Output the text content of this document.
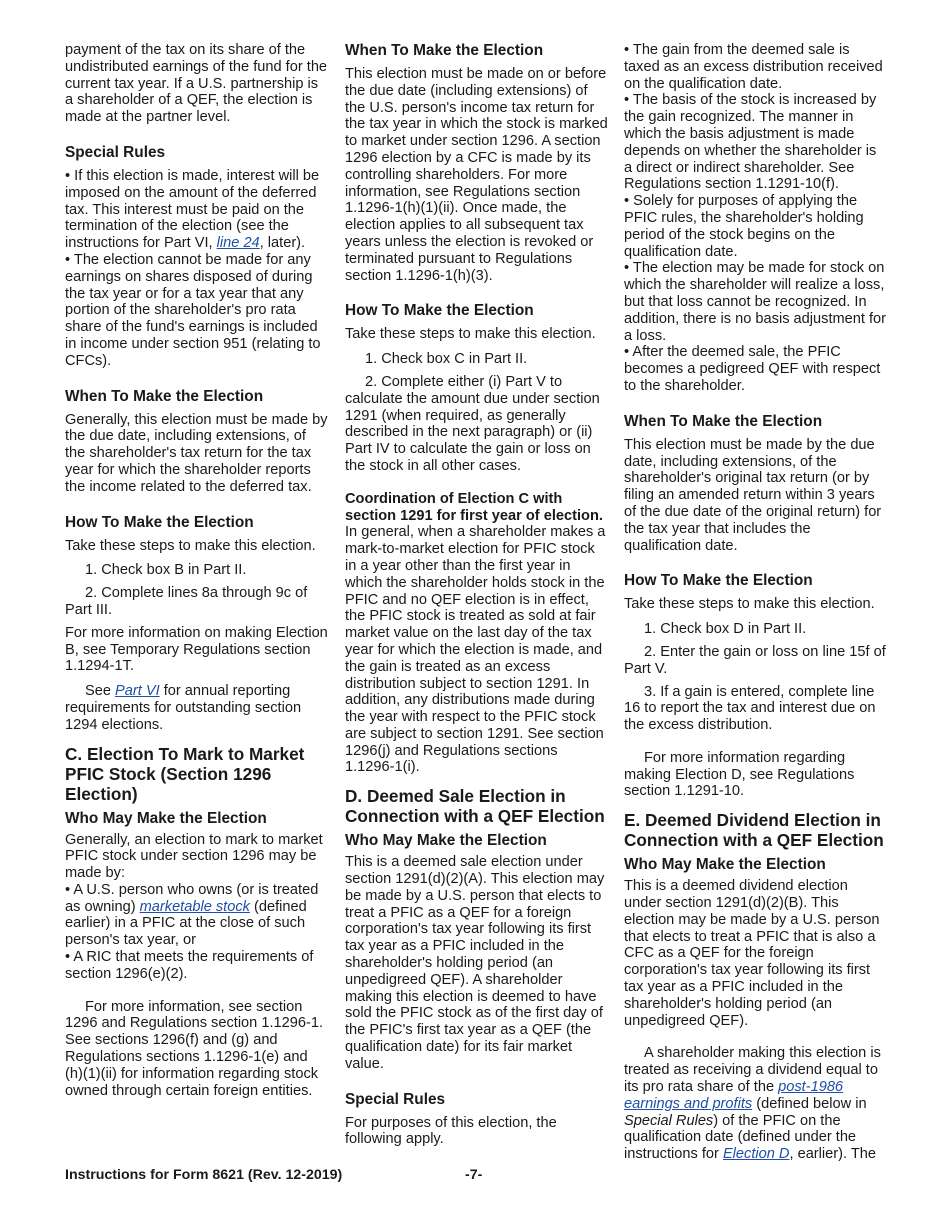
payment of the tax on its share of the undistributed earnings of the fund for the current tax year. If a U.S. partnership is a shareholder of a QEF, the election is made at the partner level.

Special Rules

• If this election is made, interest will be imposed on the amount of the deferred tax. This interest must be paid on the termination of the election (see the instructions for Part VI, line 24, later).

• The election cannot be made for any earnings on shares disposed of during the tax year or for a tax year that any portion of the shareholder's pro rata share of the fund's earnings is included in income under section 951 (relating to CFCs).

When To Make the Election

Generally, this election must be made by the due date, including extensions, of the shareholder's tax return for the tax year for which the shareholder reports the income related to the deferred tax.

How To Make the Election

Take these steps to make this election.

1. Check box B in Part II.

2. Complete lines 8a through 9c of Part III.

For more information on making Election B, see Temporary Regulations section 1.1294-1T.

See Part VI for annual reporting requirements for outstanding section 1294 elections.

C. Election To Mark to Market PFIC Stock (Section 1296 Election)
Who May Make the Election

Generally, an election to mark to market PFIC stock under section 1296 may be made by:

• A U.S. person who owns (or is treated as owning) marketable stock (defined earlier) in a PFIC at the close of such person's tax year, or

• A RIC that meets the requirements of section 1296(e)(2).

For more information, see section 1296 and Regulations section 1.1296-1. See sections 1296(f) and (g) and Regulations sections 1.1296-1(e) and (h)(1)(ii) for information regarding stock owned through certain foreign entities.

When To Make the Election

This election must be made on or before the due date (including extensions) of the U.S. person's income tax return for the tax year in which the stock is marked to market under section 1296. A section 1296 election by a CFC is made by its controlling shareholders. For more information, see Regulations section 1.1296-1(h)(1)(ii). Once made, the election applies to all subsequent tax years unless the election is revoked or terminated pursuant to Regulations section 1.1296-1(h)(3).

How To Make the Election

Take these steps to make this election.

1. Check box C in Part II.

2. Complete either (i) Part V to calculate the amount due under section 1291 (when required, as generally described in the next paragraph) or (ii) Part IV to calculate the gain or loss on the stock in all other cases.

Coordination of Election C with section 1291 for first year of election. In general, when a shareholder makes a mark-to-market election for PFIC stock in a year other than the first year in which the shareholder holds stock in the PFIC and no QEF election is in effect, the PFIC stock is treated as sold at fair market value on the last day of the tax year for which the election is made, and the gain is treated as an excess distribution subject to section 1291. In addition, any distributions made during the year with respect to the PFIC stock are subject to section 1291. See section 1296(j) and Regulations sections 1.1296-1(i).

D. Deemed Sale Election in Connection with a QEF Election
Who May Make the Election

This is a deemed sale election under section 1291(d)(2)(A). This election may be made by a U.S. person that elects to treat a PFIC as a QEF for a foreign corporation's tax year following its first tax year as a PFIC included in the shareholder's holding period (an unpedigreed QEF). A shareholder making this election is deemed to have sold the PFIC stock as of the first day of the PFIC's first tax year as a QEF (the qualification date) for its fair market value.

Special Rules

For purposes of this election, the following apply.

• The gain from the deemed sale is taxed as an excess distribution received on the qualification date.

• The basis of the stock is increased by the gain recognized. The manner in which the basis adjustment is made depends on whether the shareholder is a direct or indirect shareholder. See Regulations section 1.1291-10(f).

• Solely for purposes of applying the PFIC rules, the shareholder's holding period of the stock begins on the qualification date.

• The election may be made for stock on which the shareholder will realize a loss, but that loss cannot be recognized. In addition, there is no basis adjustment for a loss.

• After the deemed sale, the PFIC becomes a pedigreed QEF with respect to the shareholder.

When To Make the Election

This election must be made by the due date, including extensions, of the shareholder's original tax return (or by filing an amended return within 3 years of the due date of the original return) for the tax year that includes the qualification date.

How To Make the Election

Take these steps to make this election.

1. Check box D in Part II.

2. Enter the gain or loss on line 15f of Part V.

3. If a gain is entered, complete line 16 to report the tax and interest due on the excess distribution.

For more information regarding making Election D, see Regulations section 1.1291-10.

E. Deemed Dividend Election in Connection with a QEF Election
Who May Make the Election

This is a deemed dividend election under section 1291(d)(2)(B). This election may be made by a U.S. person that elects to treat a PFIC that is also a CFC as a QEF for the foreign corporation's tax year following its first tax year as a PFIC included in the shareholder's holding period (an unpedigreed QEF).

A shareholder making this election is treated as receiving a dividend equal to its pro rata share of the post-1986 earnings and profits (defined below in Special Rules) of the PFIC on the qualification date (defined under the instructions for Election D, earlier). The

Instructions for Form 8621 (Rev. 12-2019)	-7-
